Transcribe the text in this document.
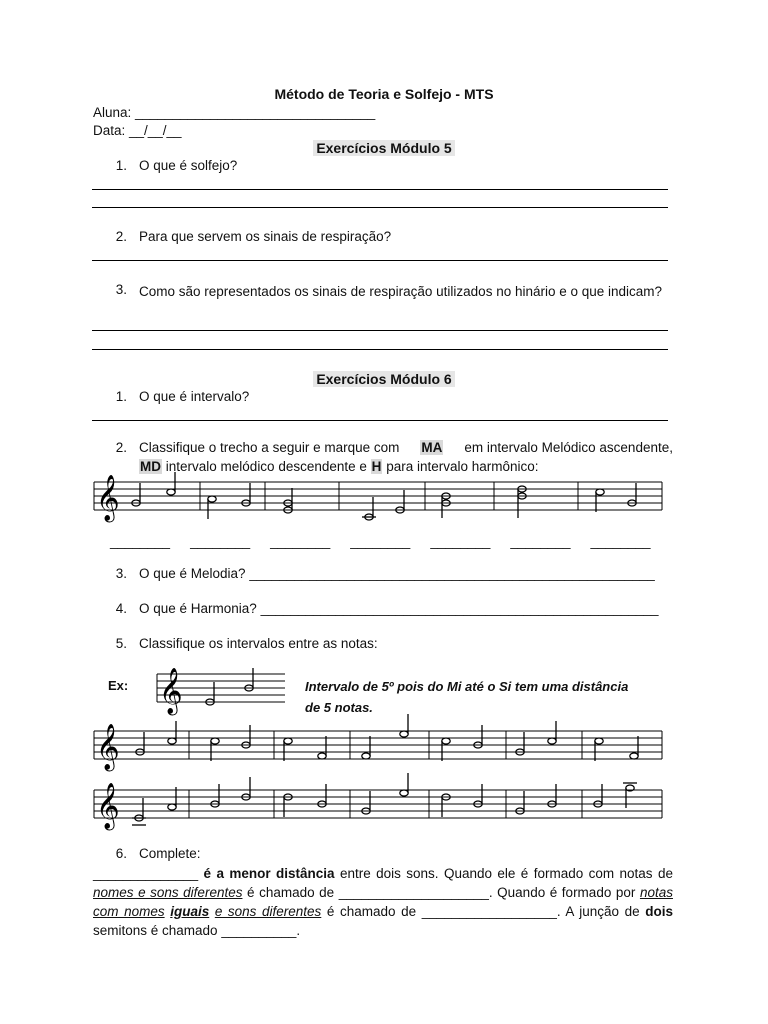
Método de Teoria e Solfejo - MTS
Aluna: ________________________________
Data: __/__/__
Exercícios Módulo 5
1. O que é solfejo?
2. Para que servem os sinais de respiração?
3. Como são representados os sinais de respiração utilizados no hinário e o que indicam?
Exercícios Módulo 6
1. O que é intervalo?
2. Classifique o trecho a seguir e marque com MA em intervalo Melódico ascendente,
MD intervalo melódico descendente e H para intervalo harmônico:
𝄞
________ ________ ________ ________ ________ ________ ________
3. O que é Melodia? ______________________________________________________
4. O que é Harmonia? _____________________________________________________
5. Classifique os intervalos entre as notas:
Ex: 𝄞	Intervalo de 5º pois do Mi até o Si tem uma distância
de 5 notas.
𝄞
𝄞
6. Complete:
______________ é a menor distância entre dois sons. Quando ele é formado com notas de nomes e sons diferentes é chamado de ____________________. Quando é formado por notas com nomes iguais e sons diferentes é chamado de __________________. A junção de dois semitons é chamado __________.
